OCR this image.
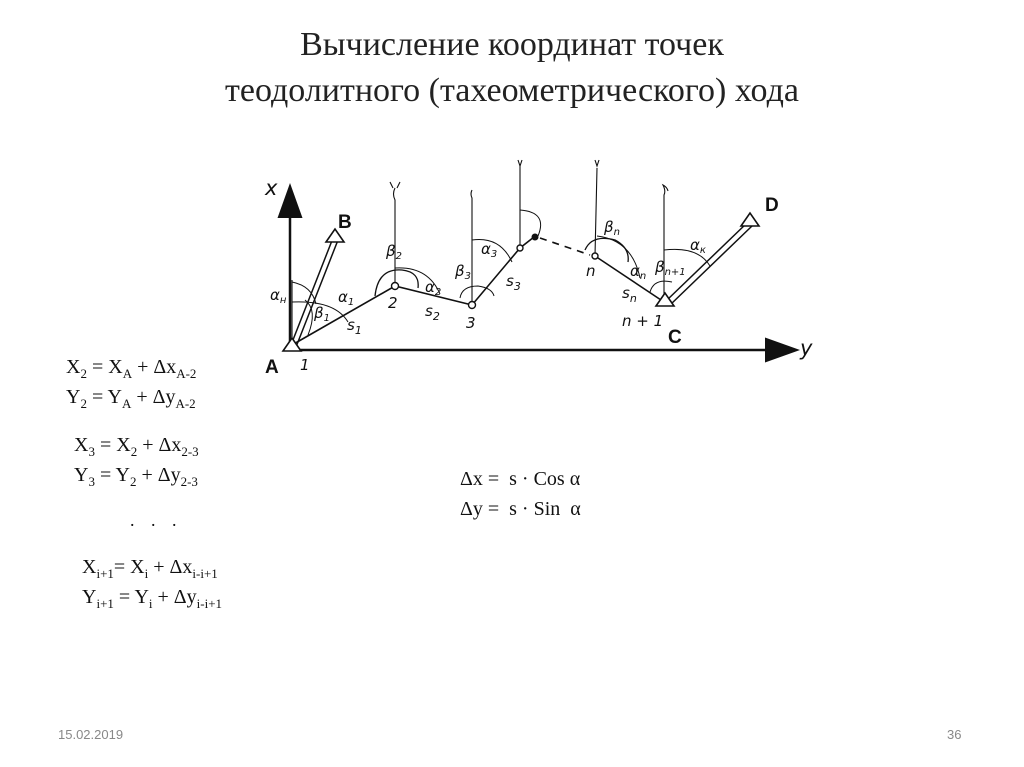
Вычисление координат точек
теодолитного (тахеометрического) хода
x
y
B
D
C
A 1
2
3
n
n + 1
$s_1$
$s_2$
$s_3$	$s_n$
$\alpha_н$
$\beta_1$
$\alpha_1$
$\beta_2$
$\alpha_2$
$\beta_3$
$\alpha_3$
$\beta_n$
$\alpha_n$
$\beta_{n+1}$
$\alpha_к$
$X_2 = X_A + \Delta x_{A-2}$
$Y_2 = Y_A + \Delta y_{A-2}$
$X_3 = X_2 + \Delta x_{2-3}$
$Y_3 = Y_2 + \Delta y_{2-3}$
. . .
$X_{i+1}= X_i + \Delta x_{i-i+1}$
$Y_{i+1} = Y_i + \Delta y_{i-i+1}$
Δx =  s · Cos α
Δy =  s · Sin  α
15.02.2019	36
